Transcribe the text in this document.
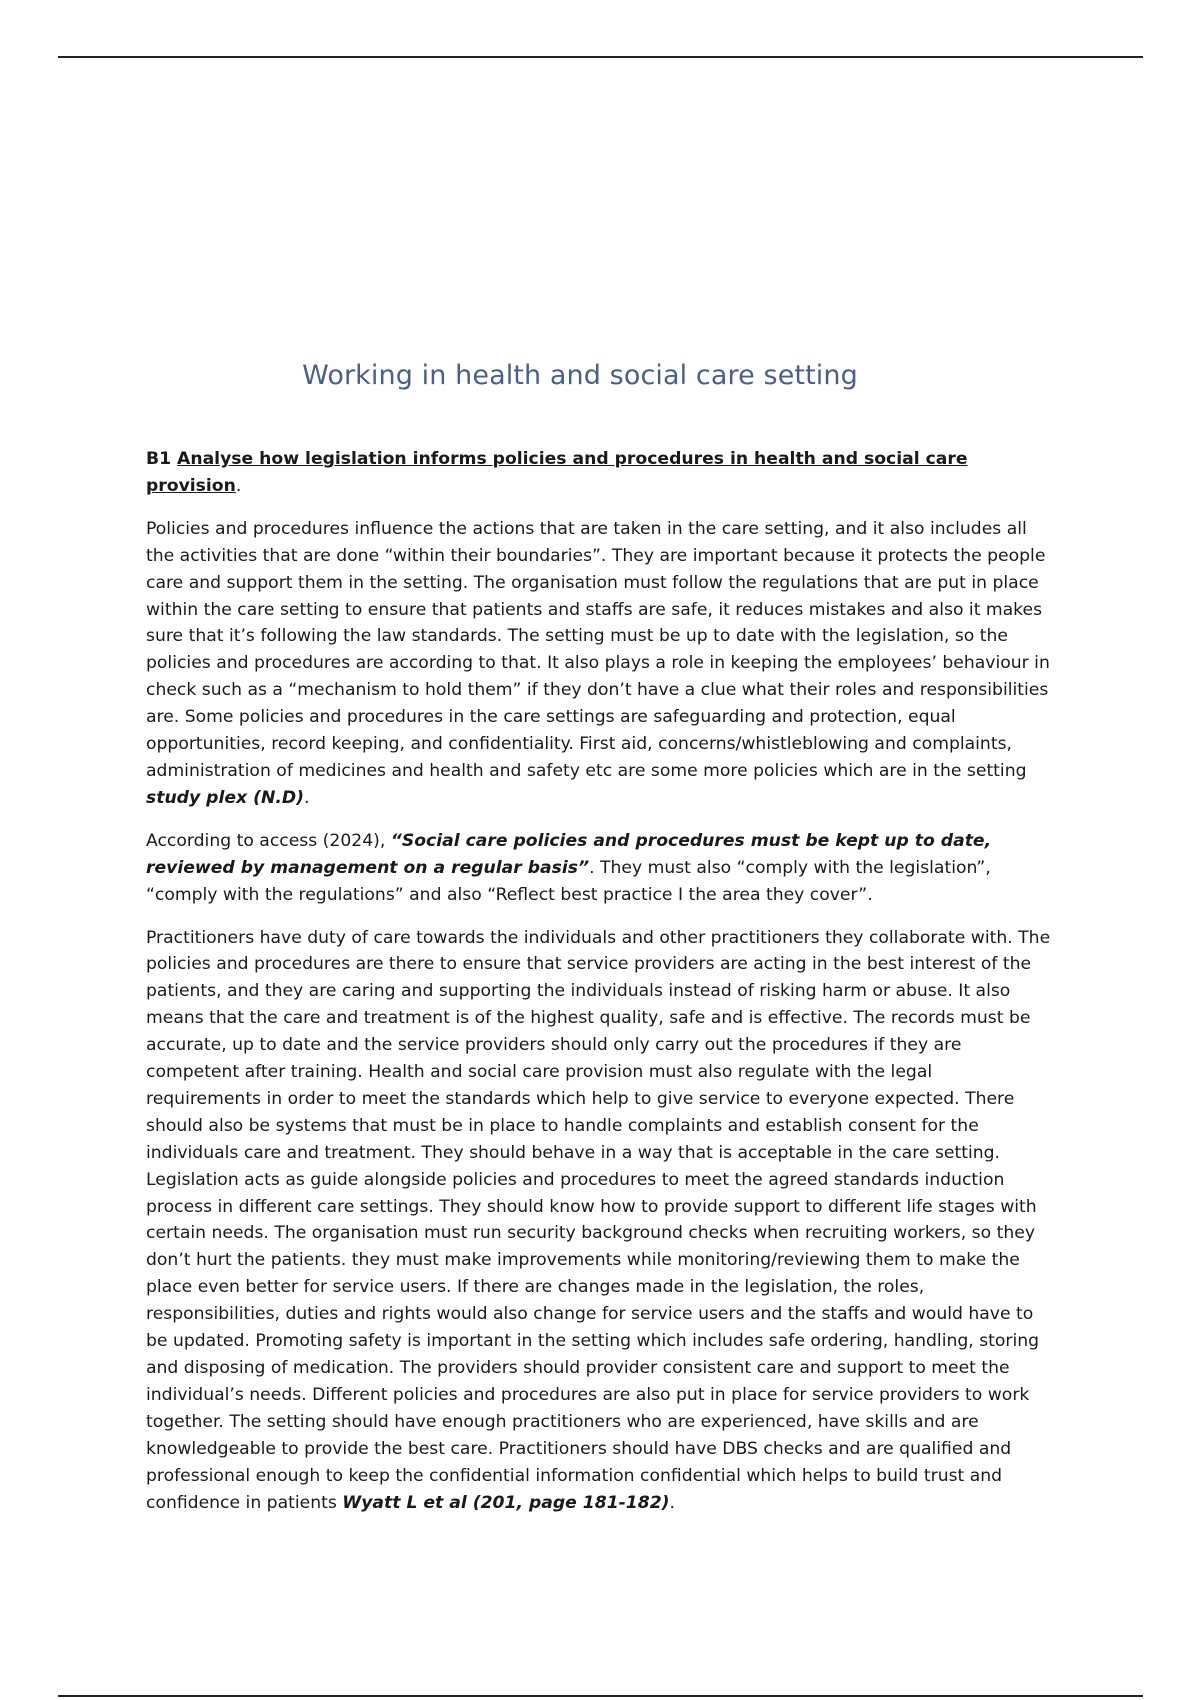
Working in health and social care setting

B1 Analyse how legislation informs policies and procedures in health and social care provision.

Policies and procedures influence the actions that are taken in the care setting, and it also includes all the activities that are done “within their boundaries”. They are important because it protects the people care and support them in the setting. The organisation must follow the regulations that are put in place within the care setting to ensure that patients and staffs are safe, it reduces mistakes and also it makes sure that it’s following the law standards. The setting must be up to date with the legislation, so the policies and procedures are according to that. It also plays a role in keeping the employees’ behaviour in check such as a “mechanism to hold them” if they don’t have a clue what their roles and responsibilities are. Some policies and procedures in the care settings are safeguarding and protection, equal opportunities, record keeping, and confidentiality. First aid, concerns/whistleblowing and complaints, administration of medicines and health and safety etc are some more policies which are in the setting study plex (N.D).

According to access (2024), “Social care policies and procedures must be kept up to date, reviewed by management on a regular basis”. They must also “comply with the legislation”, “comply with the regulations” and also “Reflect best practice I the area they cover”.

Practitioners have duty of care towards the individuals and other practitioners they collaborate with. The policies and procedures are there to ensure that service providers are acting in the best interest of the patients, and they are caring and supporting the individuals instead of risking harm or abuse. It also means that the care and treatment is of the highest quality, safe and is effective. The records must be accurate, up to date and the service providers should only carry out the procedures if they are competent after training. Health and social care provision must also regulate with the legal requirements in order to meet the standards which help to give service to everyone expected. There should also be systems that must be in place to handle complaints and establish consent for the individuals care and treatment. They should behave in a way that is acceptable in the care setting. Legislation acts as guide alongside policies and procedures to meet the agreed standards induction process in different care settings. They should know how to provide support to different life stages with certain needs. The organisation must run security background checks when recruiting workers, so they don’t hurt the patients. they must make improvements while monitoring/reviewing them to make the place even better for service users. If there are changes made in the legislation, the roles, responsibilities, duties and rights would also change for service users and the staffs and would have to be updated. Promoting safety is important in the setting which includes safe ordering, handling, storing and disposing of medication. The providers should provider consistent care and support to meet the individual’s needs. Different policies and procedures are also put in place for service providers to work together. The setting should have enough practitioners who are experienced, have skills and are knowledgeable to provide the best care. Practitioners should have DBS checks and are qualified and professional enough to keep the confidential information confidential which helps to build trust and confidence in patients Wyatt L et al (201, page 181-182).
